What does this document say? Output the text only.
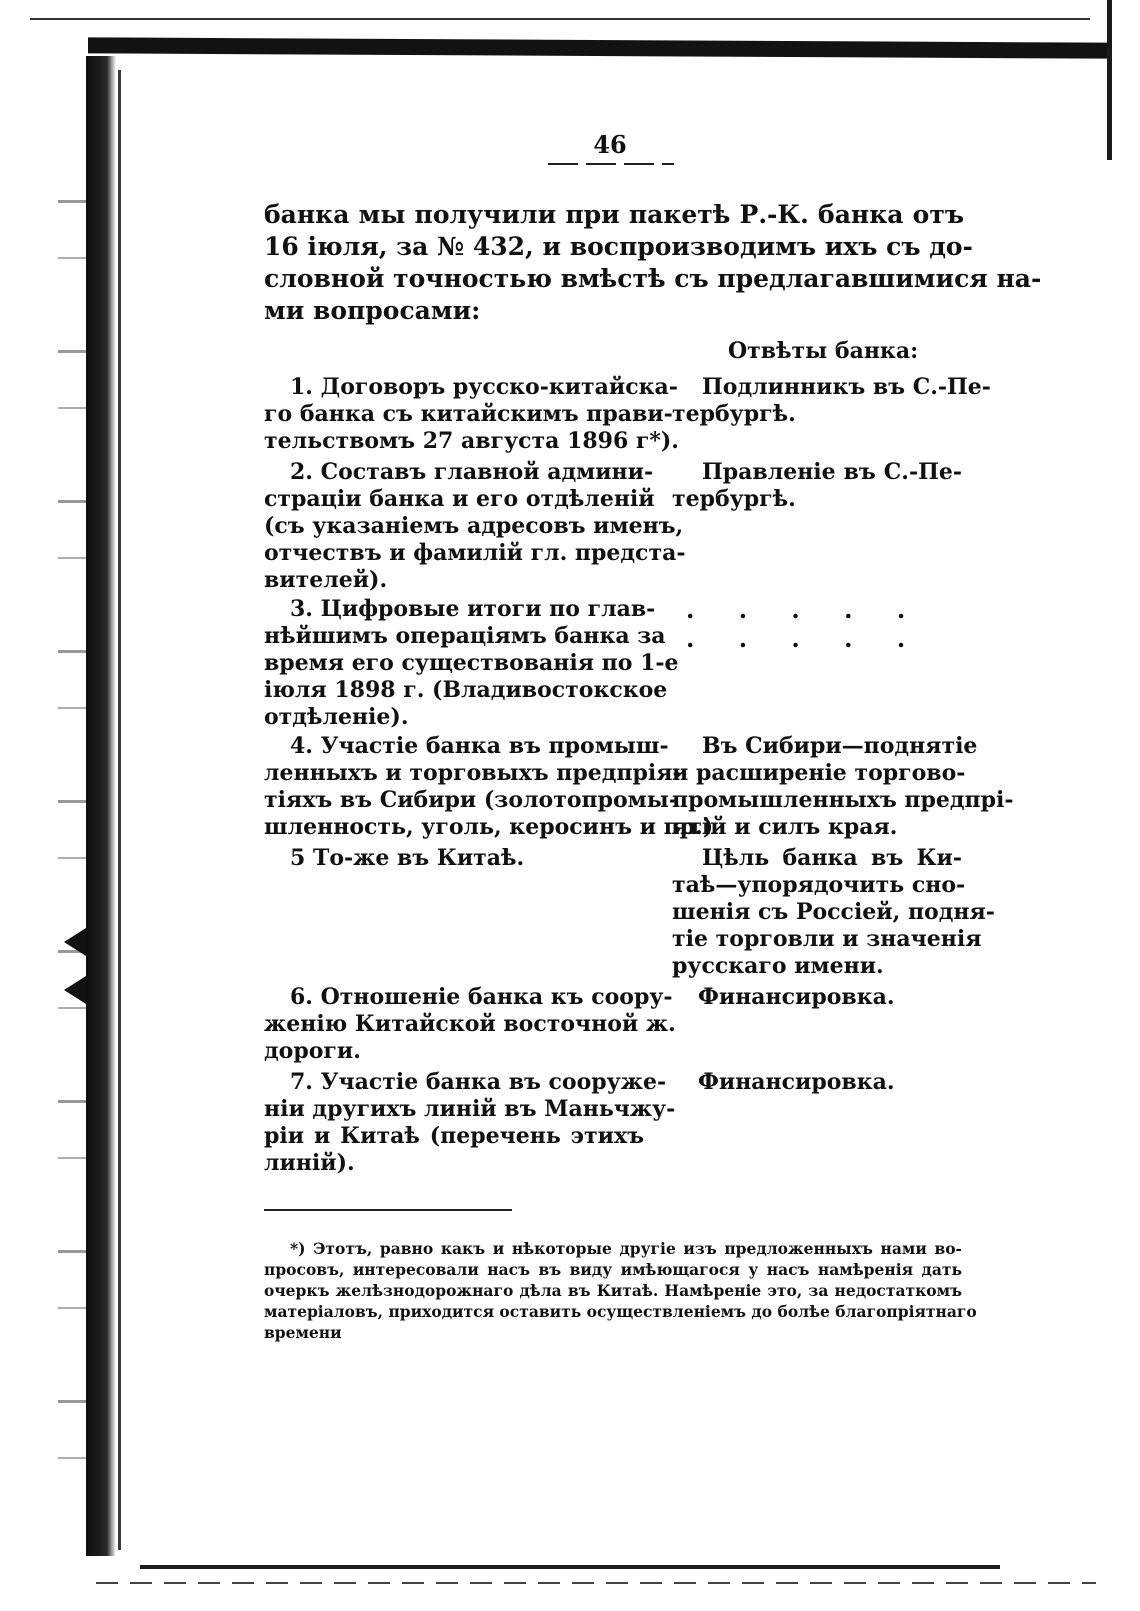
46
банка мы получили при пакетѣ Р.-К. банка отъ
16 іюля, за № 432, и воспроизводимъ ихъ съ до-
словной точностью вмѣстѣ съ предлагавшимися на-
ми вопросами:
Отвѣты банка:
1. Договоръ русско-китайска-
го банка съ китайскимъ прави-
тельствомъ 27 августа 1896 г*).
Подлинникъ въ С.-Пе-
тербургѣ.
2. Составъ главной админи-
страціи банка и его отдѣленій
(съ указаніемъ адресовъ именъ,
отчествъ и фамилій гл. предста-
вителей).
Правленіе въ С.-Пе-
тербургѣ.
3. Цифровые итоги по глав-
нѣйшимъ операціямъ банка за
время его существованія по 1-е
іюля 1898 г. (Владивостокское
отдѣленіе).
. . . . . . . . . .
4. Участіе банка въ промыш-
ленныхъ и торговыхъ предпрія-
тіяхъ въ Сибири (золотопромы-
шленность, уголь, керосинъ и пр.)
Въ Сибири—поднятіе
и расширеніе торгово-
промышленныхъ предпрі-
ятій и силъ края.
5 То-же въ Китаѣ.	Цѣль банка въ Ки-
таѣ—упорядочить сно-
шенія съ Россіей, подня-
тіе торговли и значенія
русскаго имени.
6. Отношеніе банка къ соору-
женію Китайской восточной ж.
дороги.
Финансировка.
7. Участіе банка въ сооруже-
ніи другихъ линій въ Маньчжу-
ріи и Китаѣ (перечень этихъ
линій).
Финансировка.
*) Этотъ, равно какъ и нѣкоторые другіе изъ предложенныхъ нами во-
просовъ, интересовали насъ въ виду имѣющагося у насъ намѣренія дать
очеркъ желѣзнодорожнаго дѣла въ Китаѣ. Намѣреніе это, за недостаткомъ
матеріаловъ, приходится оставить осуществленіемъ до болѣе благопріятнаго
времени
